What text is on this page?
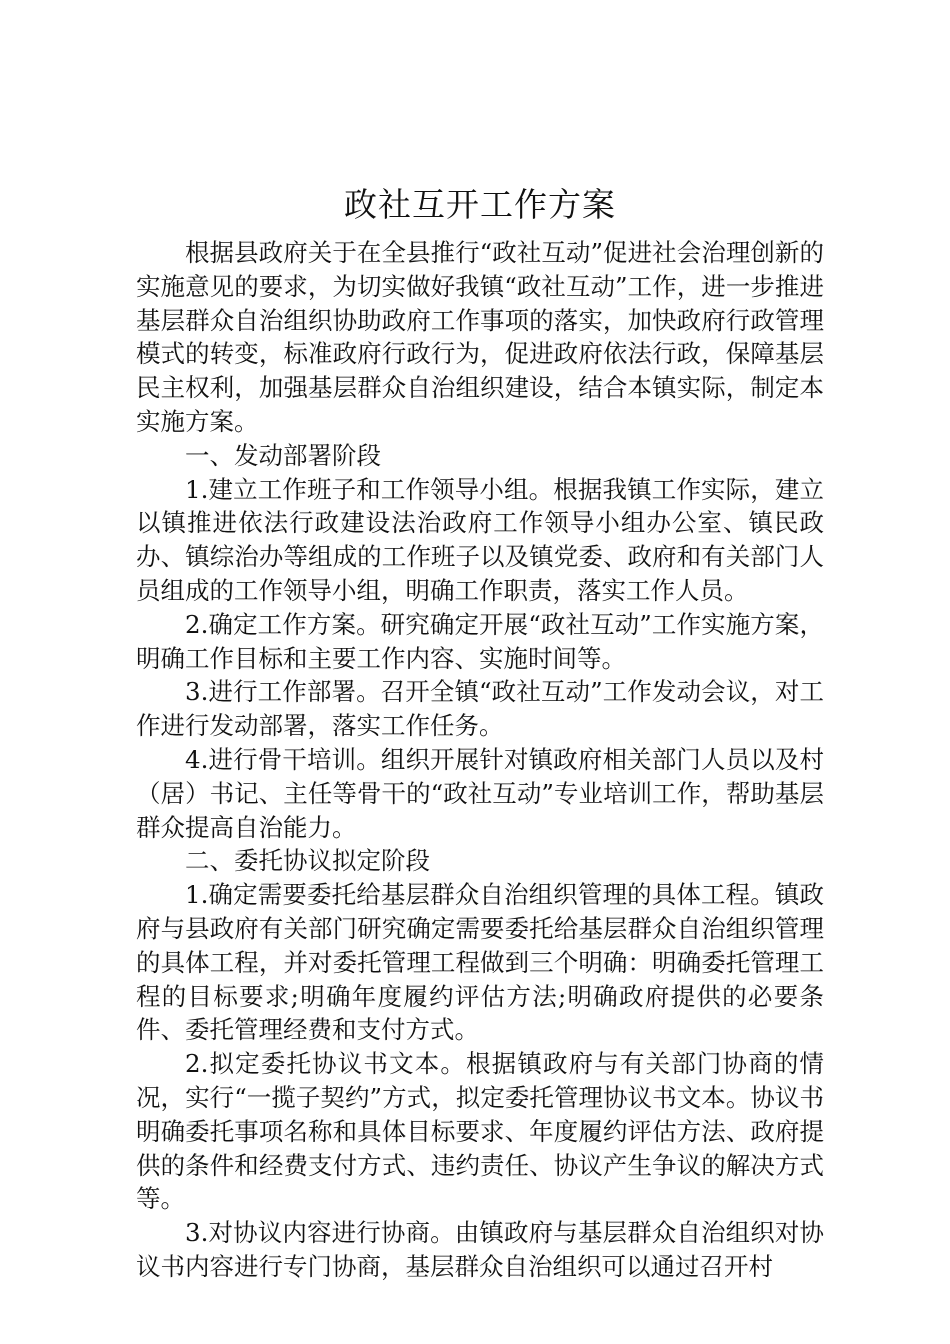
政社互开工作方案

根据县政府关于在全县推行“政社互动”促进社会治理创新的实施意见的要求，为切实做好我镇“政社互动”工作，进一步推进基层群众自治组织协助政府工作事项的落实，加快政府行政管理模式的转变，标准政府行政行为，促进政府依法行政，保障基层民主权利，加强基层群众自治组织建设，结合本镇实际，制定本实施方案。

一、发动部署阶段

1.建立工作班子和工作领导小组。根据我镇工作实际，建立以镇推进依法行政建设法治政府工作领导小组办公室、镇民政办、镇综治办等组成的工作班子以及镇党委、政府和有关部门人员组成的工作领导小组，明确工作职责，落实工作人员。

2.确定工作方案。研究确定开展“政社互动”工作实施方案，明确工作目标和主要工作内容、实施时间等。

3.进行工作部署。召开全镇“政社互动”工作发动会议，对工作进行发动部署，落实工作任务。

4.进行骨干培训。组织开展针对镇政府相关部门人员以及村（居）书记、主任等骨干的“政社互动”专业培训工作，帮助基层群众提高自治能力。

二、委托协议拟定阶段

1.确定需要委托给基层群众自治组织管理的具体工程。镇政府与县政府有关部门研究确定需要委托给基层群众自治组织管理的具体工程，并对委托管理工程做到三个明确：明确委托管理工程的目标要求;明确年度履约评估方法;明确政府提供的必要条件、委托管理经费和支付方式。

2.拟定委托协议书文本。根据镇政府与有关部门协商的情况，实行“一揽子契约”方式，拟定委托管理协议书文本。协议书明确委托事项名称和具体目标要求、年度履约评估方法、政府提供的条件和经费支付方式、违约责任、协议产生争议的解决方式等。

3.对协议内容进行协商。由镇政府与基层群众自治组织对协议书内容进行专门协商，基层群众自治组织可以通过召开村
